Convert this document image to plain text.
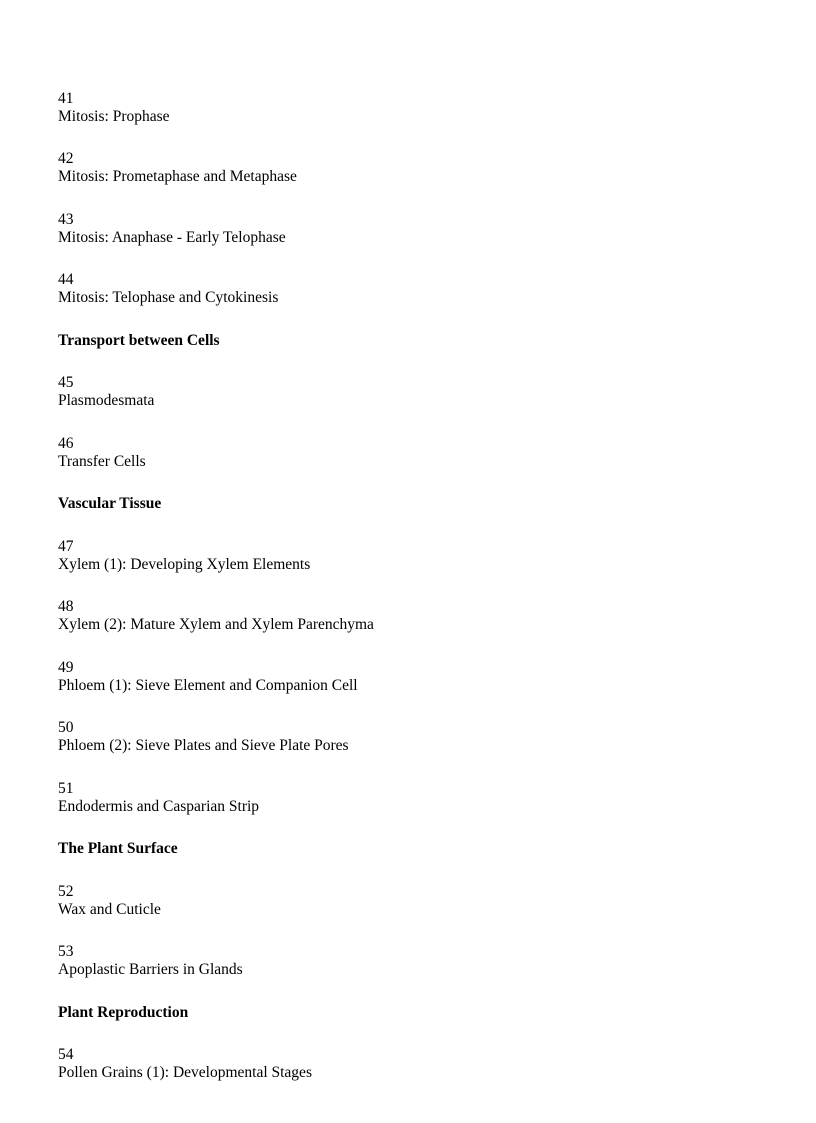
41
Mitosis: Prophase
42
Mitosis: Prometaphase and Metaphase
43
Mitosis: Anaphase - Early Telophase
44
Mitosis: Telophase and Cytokinesis
Transport between Cells
45
Plasmodesmata
46
Transfer Cells
Vascular Tissue
47
Xylem (1): Developing Xylem Elements
48
Xylem (2): Mature Xylem and Xylem Parenchyma
49
Phloem (1): Sieve Element and Companion Cell
50
Phloem (2): Sieve Plates and Sieve Plate Pores
51
Endodermis and Casparian Strip
The Plant Surface
52
Wax and Cuticle
53
Apoplastic Barriers in Glands
Plant Reproduction
54
Pollen Grains (1): Developmental Stages
